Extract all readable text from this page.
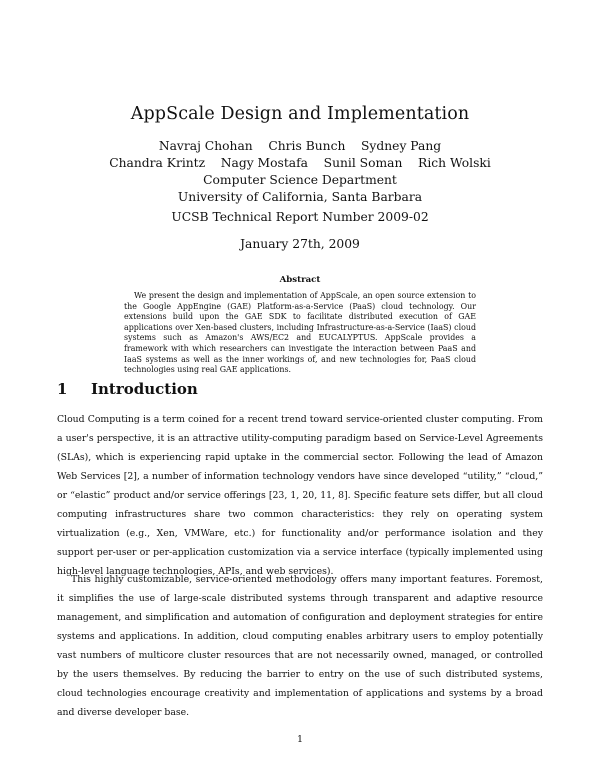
AppScale Design and Implementation
Navraj Chohan    Chris Bunch    Sydney Pang
Chandra Krintz    Nagy Mostafa    Sunil Soman    Rich Wolski
Computer Science Department
University of California, Santa Barbara
UCSB Technical Report Number 2009-02
January 27th, 2009
Abstract
We present the design and implementation of AppScale, an open source extension to the Google AppEngine (GAE) Platform-as-a-Service (PaaS) cloud technology. Our extensions build upon the GAE SDK to facilitate distributed execution of GAE applications over Xen-based clusters, including Infrastructure-as-a-Service (IaaS) cloud systems such as Amazon's AWS/EC2 and EUCALYPTUS. AppScale provides a framework with which researchers can investigate the interaction between PaaS and IaaS systems as well as the inner workings of, and new technologies for, PaaS cloud technologies using real GAE applications.
1 Introduction
Cloud Computing is a term coined for a recent trend toward service-oriented cluster computing. From a user's perspective, it is an attractive utility-computing paradigm based on Service-Level Agreements (SLAs), which is experiencing rapid uptake in the commercial sector. Following the lead of Amazon Web Services [2], a number of information technology vendors have since developed “utility,” “cloud,” or “elastic” product and/or service offerings [23, 1, 20, 11, 8]. Specific feature sets differ, but all cloud computing infrastructures share two common characteristics: they rely on operating system virtualization (e.g., Xen, VMWare, etc.) for functionality and/or performance isolation and they support per-user or per-application customization via a service interface (typically implemented using high-level language technologies, APIs, and web services).
This highly customizable, service-oriented methodology offers many important features. Foremost, it simplifies the use of large-scale distributed systems through transparent and adaptive resource management, and simplification and automation of configuration and deployment strategies for entire systems and applications. In addition, cloud computing enables arbitrary users to employ potentially vast numbers of multicore cluster resources that are not necessarily owned, managed, or controlled by the users themselves. By reducing the barrier to entry on the use of such distributed systems, cloud technologies encourage creativity and implementation of applications and systems by a broad and diverse developer base.
1
